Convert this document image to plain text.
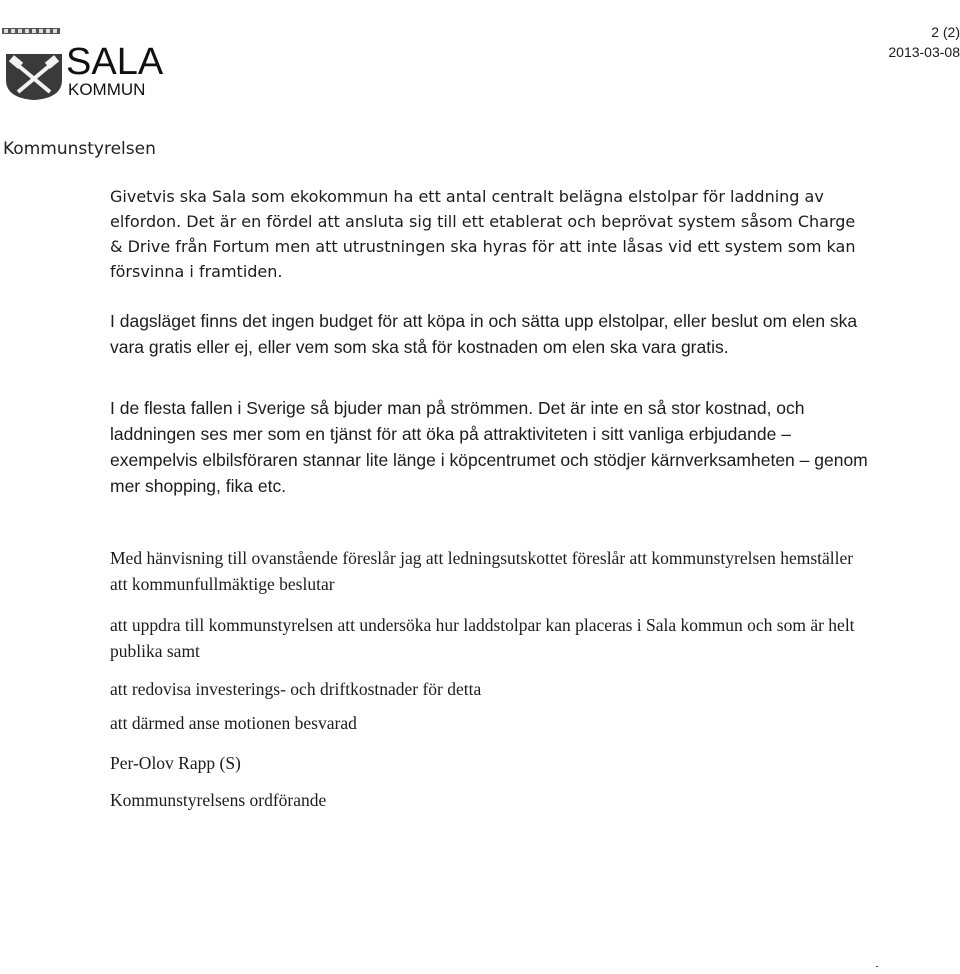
SALA
KOMMUN
2 (2)
2013-03-08
Kommunstyrelsen

Givetvis ska Sala som ekokommun ha ett antal centralt belägna elstolpar för laddning av elfordon. Det är en fördel att ansluta sig till ett etablerat och beprövat system såsom Charge & Drive från Fortum men att utrustningen ska hyras för att inte låsas vid ett system som kan försvinna i framtiden.

I dagsläget finns det ingen budget för att köpa in och sätta upp elstolpar, eller beslut om elen ska vara gratis eller ej, eller vem som ska stå för kostnaden om elen ska vara gratis.

I de flesta fallen i Sverige så bjuder man på strömmen. Det är inte en så stor kostnad, och laddningen ses mer som en tjänst för att öka på attraktiviteten i sitt vanliga erbjudande – exempelvis elbilsföraren stannar lite länge i köpcentrumet och stödjer kärnverksamheten – genom mer shopping, fika etc.

Med hänvisning till ovanstående föreslår jag att ledningsutskottet föreslår att kommunstyrelsen hemställer att kommunfullmäktige beslutar

att uppdra till kommunstyrelsen att undersöka hur laddstolpar kan placeras i Sala kommun och som är helt publika samt

att redovisa investerings- och driftkostnader för detta

att därmed anse motionen besvarad

Per-Olov Rapp (S)

Kommunstyrelsens ordförande
